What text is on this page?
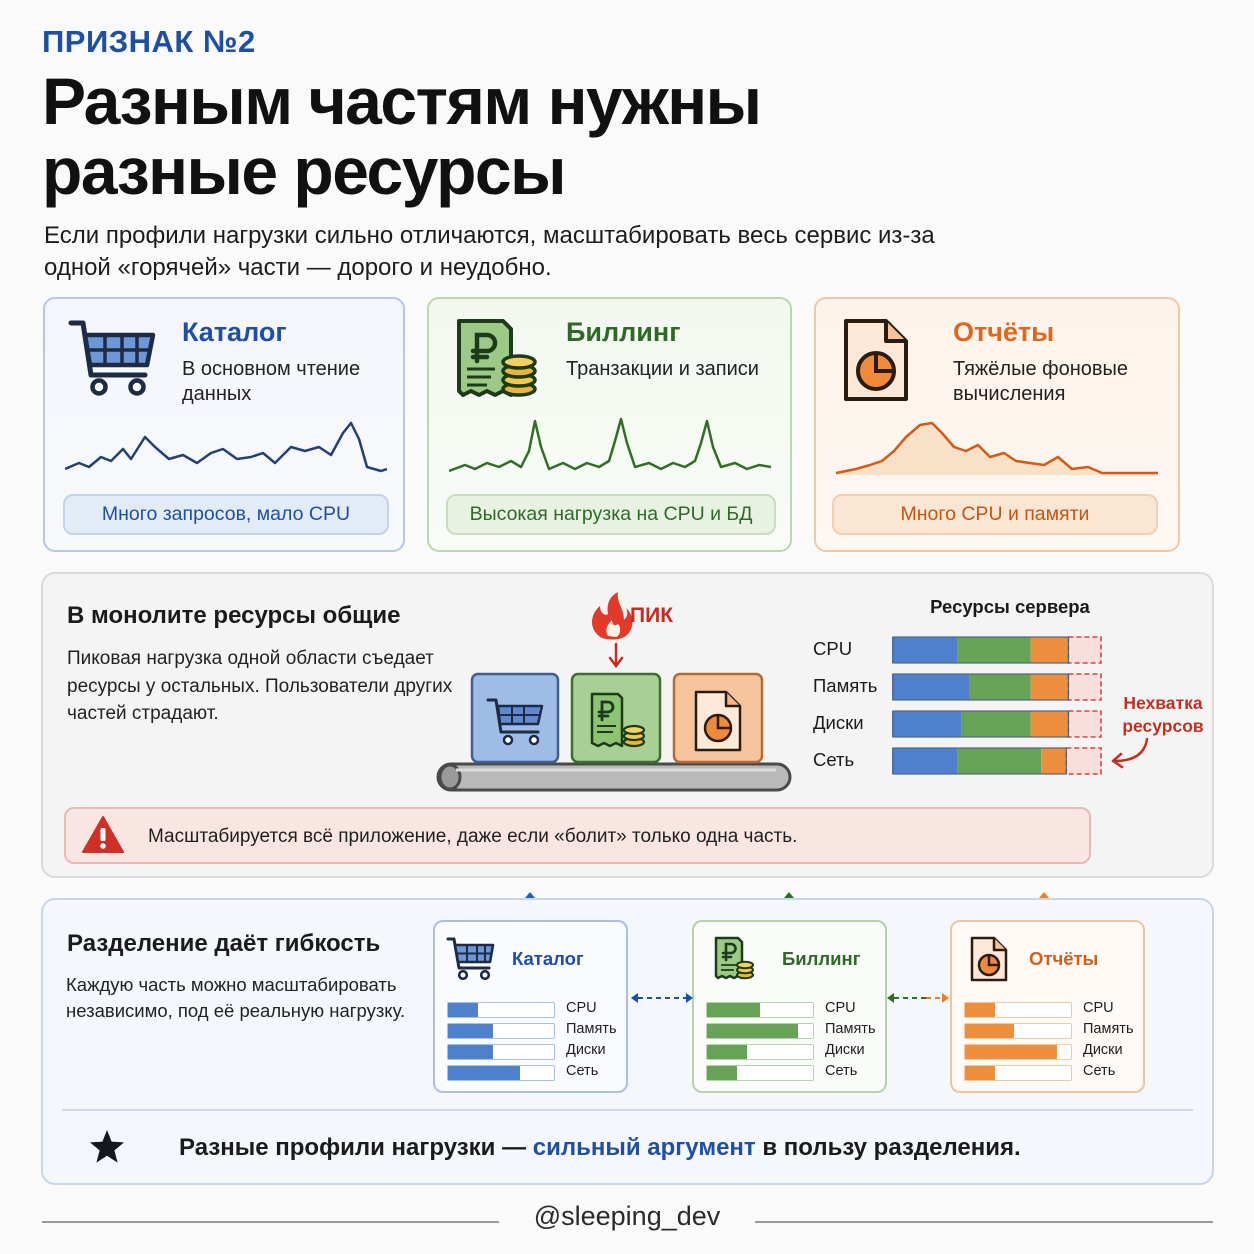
ПРИЗНАК №2
Разным частям нужны разные ресурсы
Если профили нагрузки сильно отличаются, масштабировать весь сервис из-за одной «горячей» части — дорого и неудобно.
Каталог
В основном чтение данных
Много запросов, мало CPU
Биллинг
Транзакции и записи
Высокая нагрузка на CPU и БД
Отчёты
Тяжёлые фоновые вычисления
Много CPU и памяти
В монолите ресурсы общие
Пиковая нагрузка одной области съедает ресурсы у остальных. Пользователи других частей страдают.
ПИК	Ресурсы сервера
CPU
Память
Диски
Сеть
Нехватка ресурсов
Масштабируется всё приложение, даже если «болит» только одна часть.
Разделение даёт гибкость
Каждую часть можно масштабировать независимо, под её реальную нагрузку.
Каталог
CPU
Память
Диски
Сеть
Биллинг
CPU
Память
Диски
Сеть
Отчёты
CPU
Память
Диски
Сеть
Разные профили нагрузки — сильный аргумент в пользу разделения.
@sleeping_dev
